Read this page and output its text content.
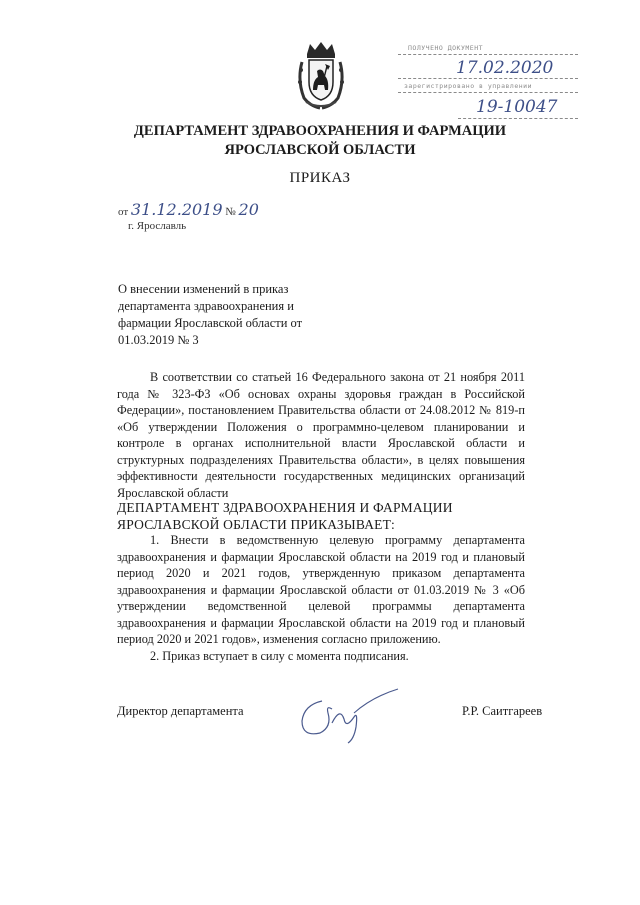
ПОЛУЧЕНО ДОКУМЕНТ
17.02.2020
зарегистрировано в управлении
19-10047
ДЕПАРТАМЕНТ ЗДРАВООХРАНЕНИЯ И ФАРМАЦИИ
ЯРОСЛАВСКОЙ ОБЛАСТИ
ПРИКАЗ
от 31.12.2019 № 20
г. Ярославль
О внесении изменений в приказ
департамента здравоохранения и
фармации Ярославской области от
01.03.2019 № 3

В соответствии со статьей 16 Федерального закона от 21 ноября 2011 года № 323-ФЗ «Об основах охраны здоровья граждан в Российской Федерации», постановлением Правительства области от 24.08.2012 № 819-п «Об утверждении Положения о программно-целевом планировании и контроле в органах исполнительной власти Ярославской области и структурных подразделениях Правительства области», в целях повышения эффективности деятельности государственных медицинских организаций Ярославской области

ДЕПАРТАМЕНТ ЗДРАВООХРАНЕНИЯ И ФАРМАЦИИ ЯРОСЛАВСКОЙ ОБЛАСТИ ПРИКАЗЫВАЕТ:

1. Внести в ведомственную целевую программу департамента здравоохранения и фармации Ярославской области на 2019 год и плановый период 2020 и 2021 годов, утвержденную приказом департамента здравоохранения и фармации Ярославской области от 01.03.2019 № 3 «Об утверждении ведомственной целевой программы департамента здравоохранения и фармации Ярославской области на 2019 год и плановый период 2020 и 2021 годов», изменения согласно приложению.

2. Приказ вступает в силу с момента подписания.

Директор департамента	Р.Р. Саитгареев
